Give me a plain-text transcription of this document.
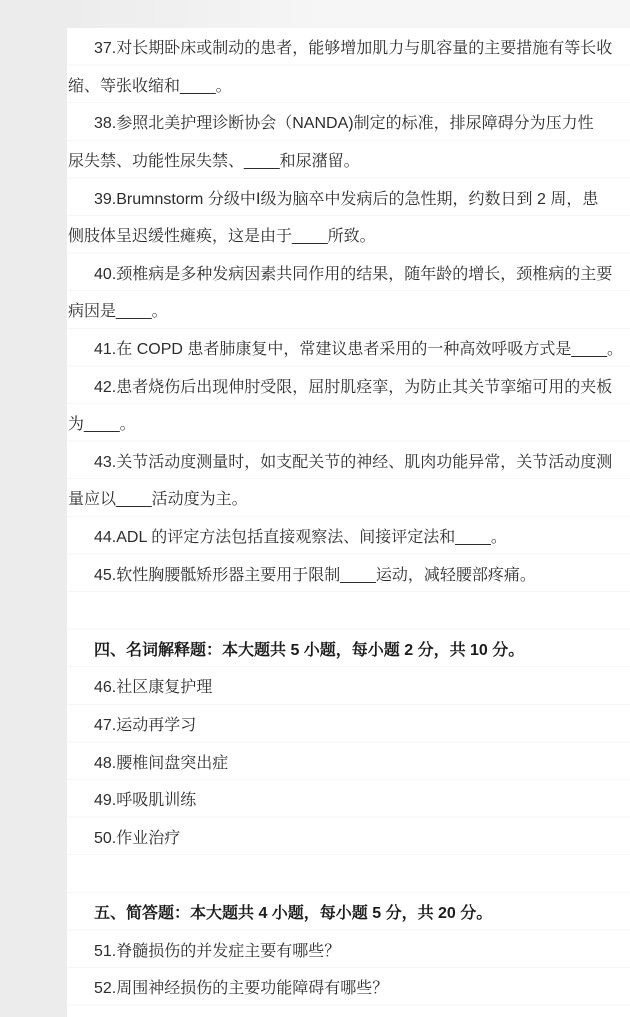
37.对长期卧床或制动的患者，能够增加肌力与肌容量的主要措施有等长收
缩、等张收缩和____。
38.参照北美护理诊断协会（NANDA)制定的标准，排尿障碍分为压力性
尿失禁、功能性尿失禁、____和尿潴留。
39.Brumnstorm 分级中Ⅰ级为脑卒中发病后的急性期，约数日到 2 周，患
侧肢体呈迟缓性瘫痪，这是由于____所致。
40.颈椎病是多种发病因素共同作用的结果，随年龄的增长，颈椎病的主要
病因是____。
41.在 COPD 患者肺康复中，常建议患者采用的一种高效呼吸方式是____。
42.患者烧伤后出现伸肘受限，屈肘肌痉挛，为防止其关节挛缩可用的夹板
为____。
43.关节活动度测量时，如支配关节的神经、肌肉功能异常，关节活动度测
量应以____活动度为主。
44.ADL 的评定方法包括直接观察法、间接评定法和____。
45.软性胸腰骶矫形器主要用于限制____运动，减轻腰部疼痛。
四、名词解释题：本大题共 5 小题，每小题 2 分，共 10 分。
46.社区康复护理
47.运动再学习
48.腰椎间盘突出症
49.呼吸肌训练
50.作业治疗
五、简答题：本大题共 4 小题，每小题 5 分，共 20 分。
51.脊髓损伤的并发症主要有哪些？
52.周围神经损伤的主要功能障碍有哪些？
